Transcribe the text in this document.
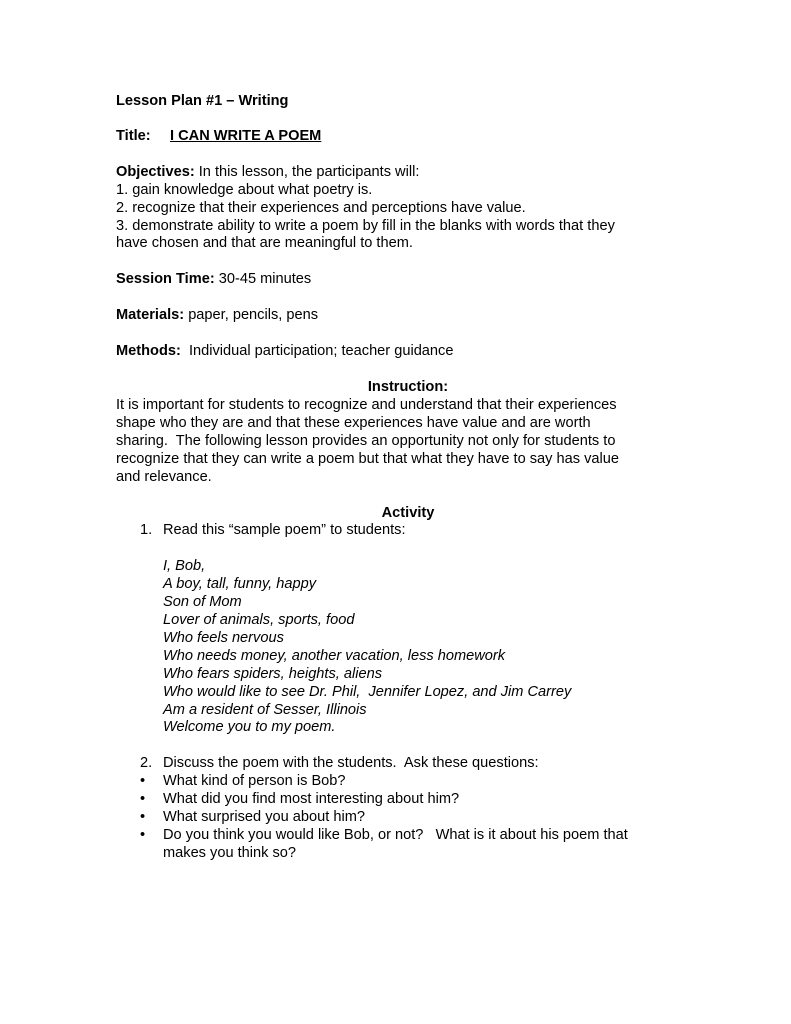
Lesson Plan #1 – Writing
Title: I CAN WRITE A POEM
Objectives: In this lesson, the participants will:
1. gain knowledge about what poetry is.
2. recognize that their experiences and perceptions have value.
3. demonstrate ability to write a poem by fill in the blanks with words that they
have chosen and that are meaningful to them.
Session Time: 30-45 minutes
Materials: paper, pencils, pens
Methods:  Individual participation; teacher guidance
Instruction:
It is important for students to recognize and understand that their experiences
shape who they are and that these experiences have value and are worth
sharing.  The following lesson provides an opportunity not only for students to
recognize that they can write a poem but that what they have to say has value
and relevance.
Activity
1. Read this “sample poem” to students:
I, Bob,
A boy, tall, funny, happy
Son of Mom
Lover of animals, sports, food
Who feels nervous
Who needs money, another vacation, less homework
Who fears spiders, heights, aliens
Who would like to see Dr. Phil,  Jennifer Lopez, and Jim Carrey
Am a resident of Sesser, Illinois
Welcome you to my poem.
2. Discuss the poem with the students.  Ask these questions:
•	What kind of person is Bob?
•	What did you find most interesting about him?
•	What surprised you about him?
•	Do you think you would like Bob, or not?   What is it about his poem that
makes you think so?
